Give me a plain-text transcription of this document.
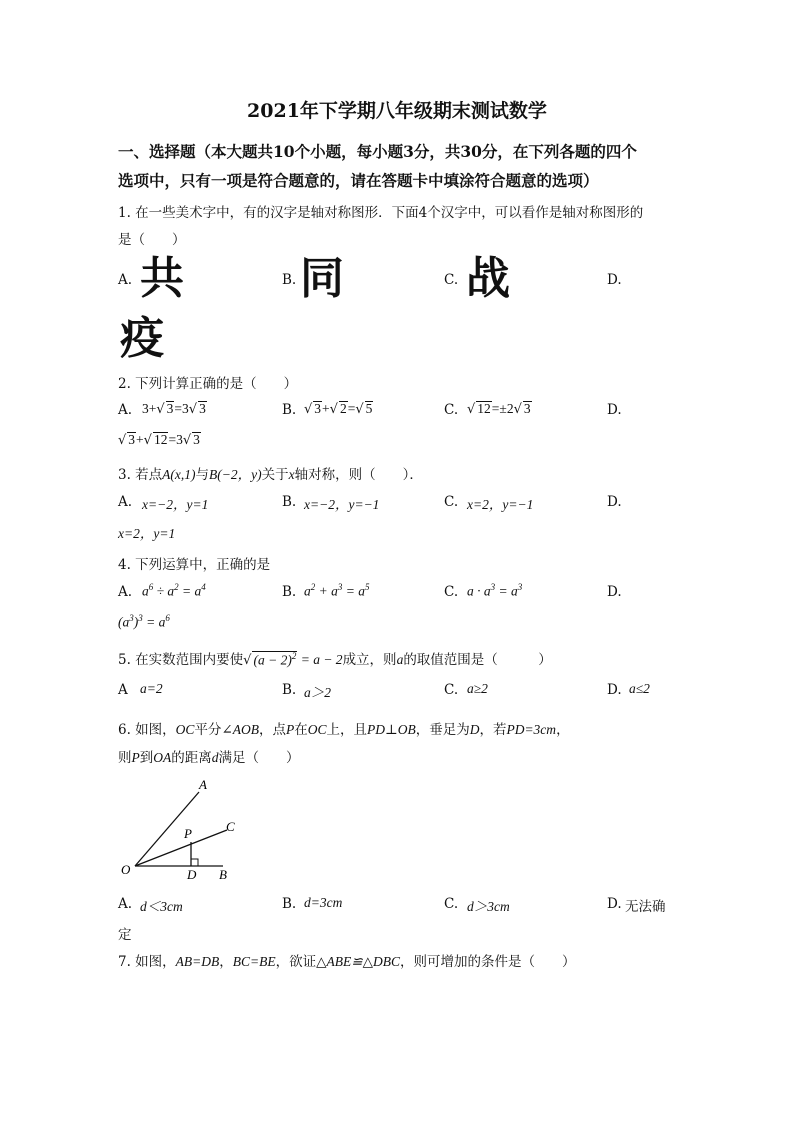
2021年下学期八年级期末测试数学
一、选择题（本大题共10个小题，每小题3分，共30分，在下列各题的四个
选项中，只有一项是符合题意的，请在答题卡中填涂符合题意的选项）
1. 在一些美术字中，有的汉字是轴对称图形．下面4个汉字中，可以看作是轴对称图形的
是（　　）
A. 共	B. 同	C. 战	D.
疫
2. 下列计算正确的是（　　）
A. 3+√ 3=3√ 3	B. √ 3+√ 2=√ 5	C. √ 12=±2√ 3	D.
√ 3+√ 12=3√ 3
3. 若点A(x,1)与B(−2，y)关于x轴对称，则（　　）．
A. x=−2，y=1	B. x=−2，y=−1	C. x=2，y=−1	D.
x=2，y=1
4. 下列运算中，正确的是
A. $a^6 \div a^2 = a^4$	B. $a^2 + a^3 = a^5$	C. $a \cdot a^3 = a^3$	D.
$(a^3)^3 = a^6$
5. 在实数范围内要使√ $(a - 2)^2 = a - 2$成立，则a的取值范围是（　　　）
A a=2	B. a＞2	C. a≥2	D. a≤2
6. 如图，OC平分∠AOB，点P在OC上，且PD⊥OB，垂足为D，若PD=3cm，
则P到OA的距离d满足（　　）
A
C
P
O	D B
A. d＜3cm	B. d=3cm	C. d＞3cm	D. 无法确
定
7. 如图，AB=DB，BC=BE，欲证△ABE≌△DBC，则可增加的条件是（　　）
